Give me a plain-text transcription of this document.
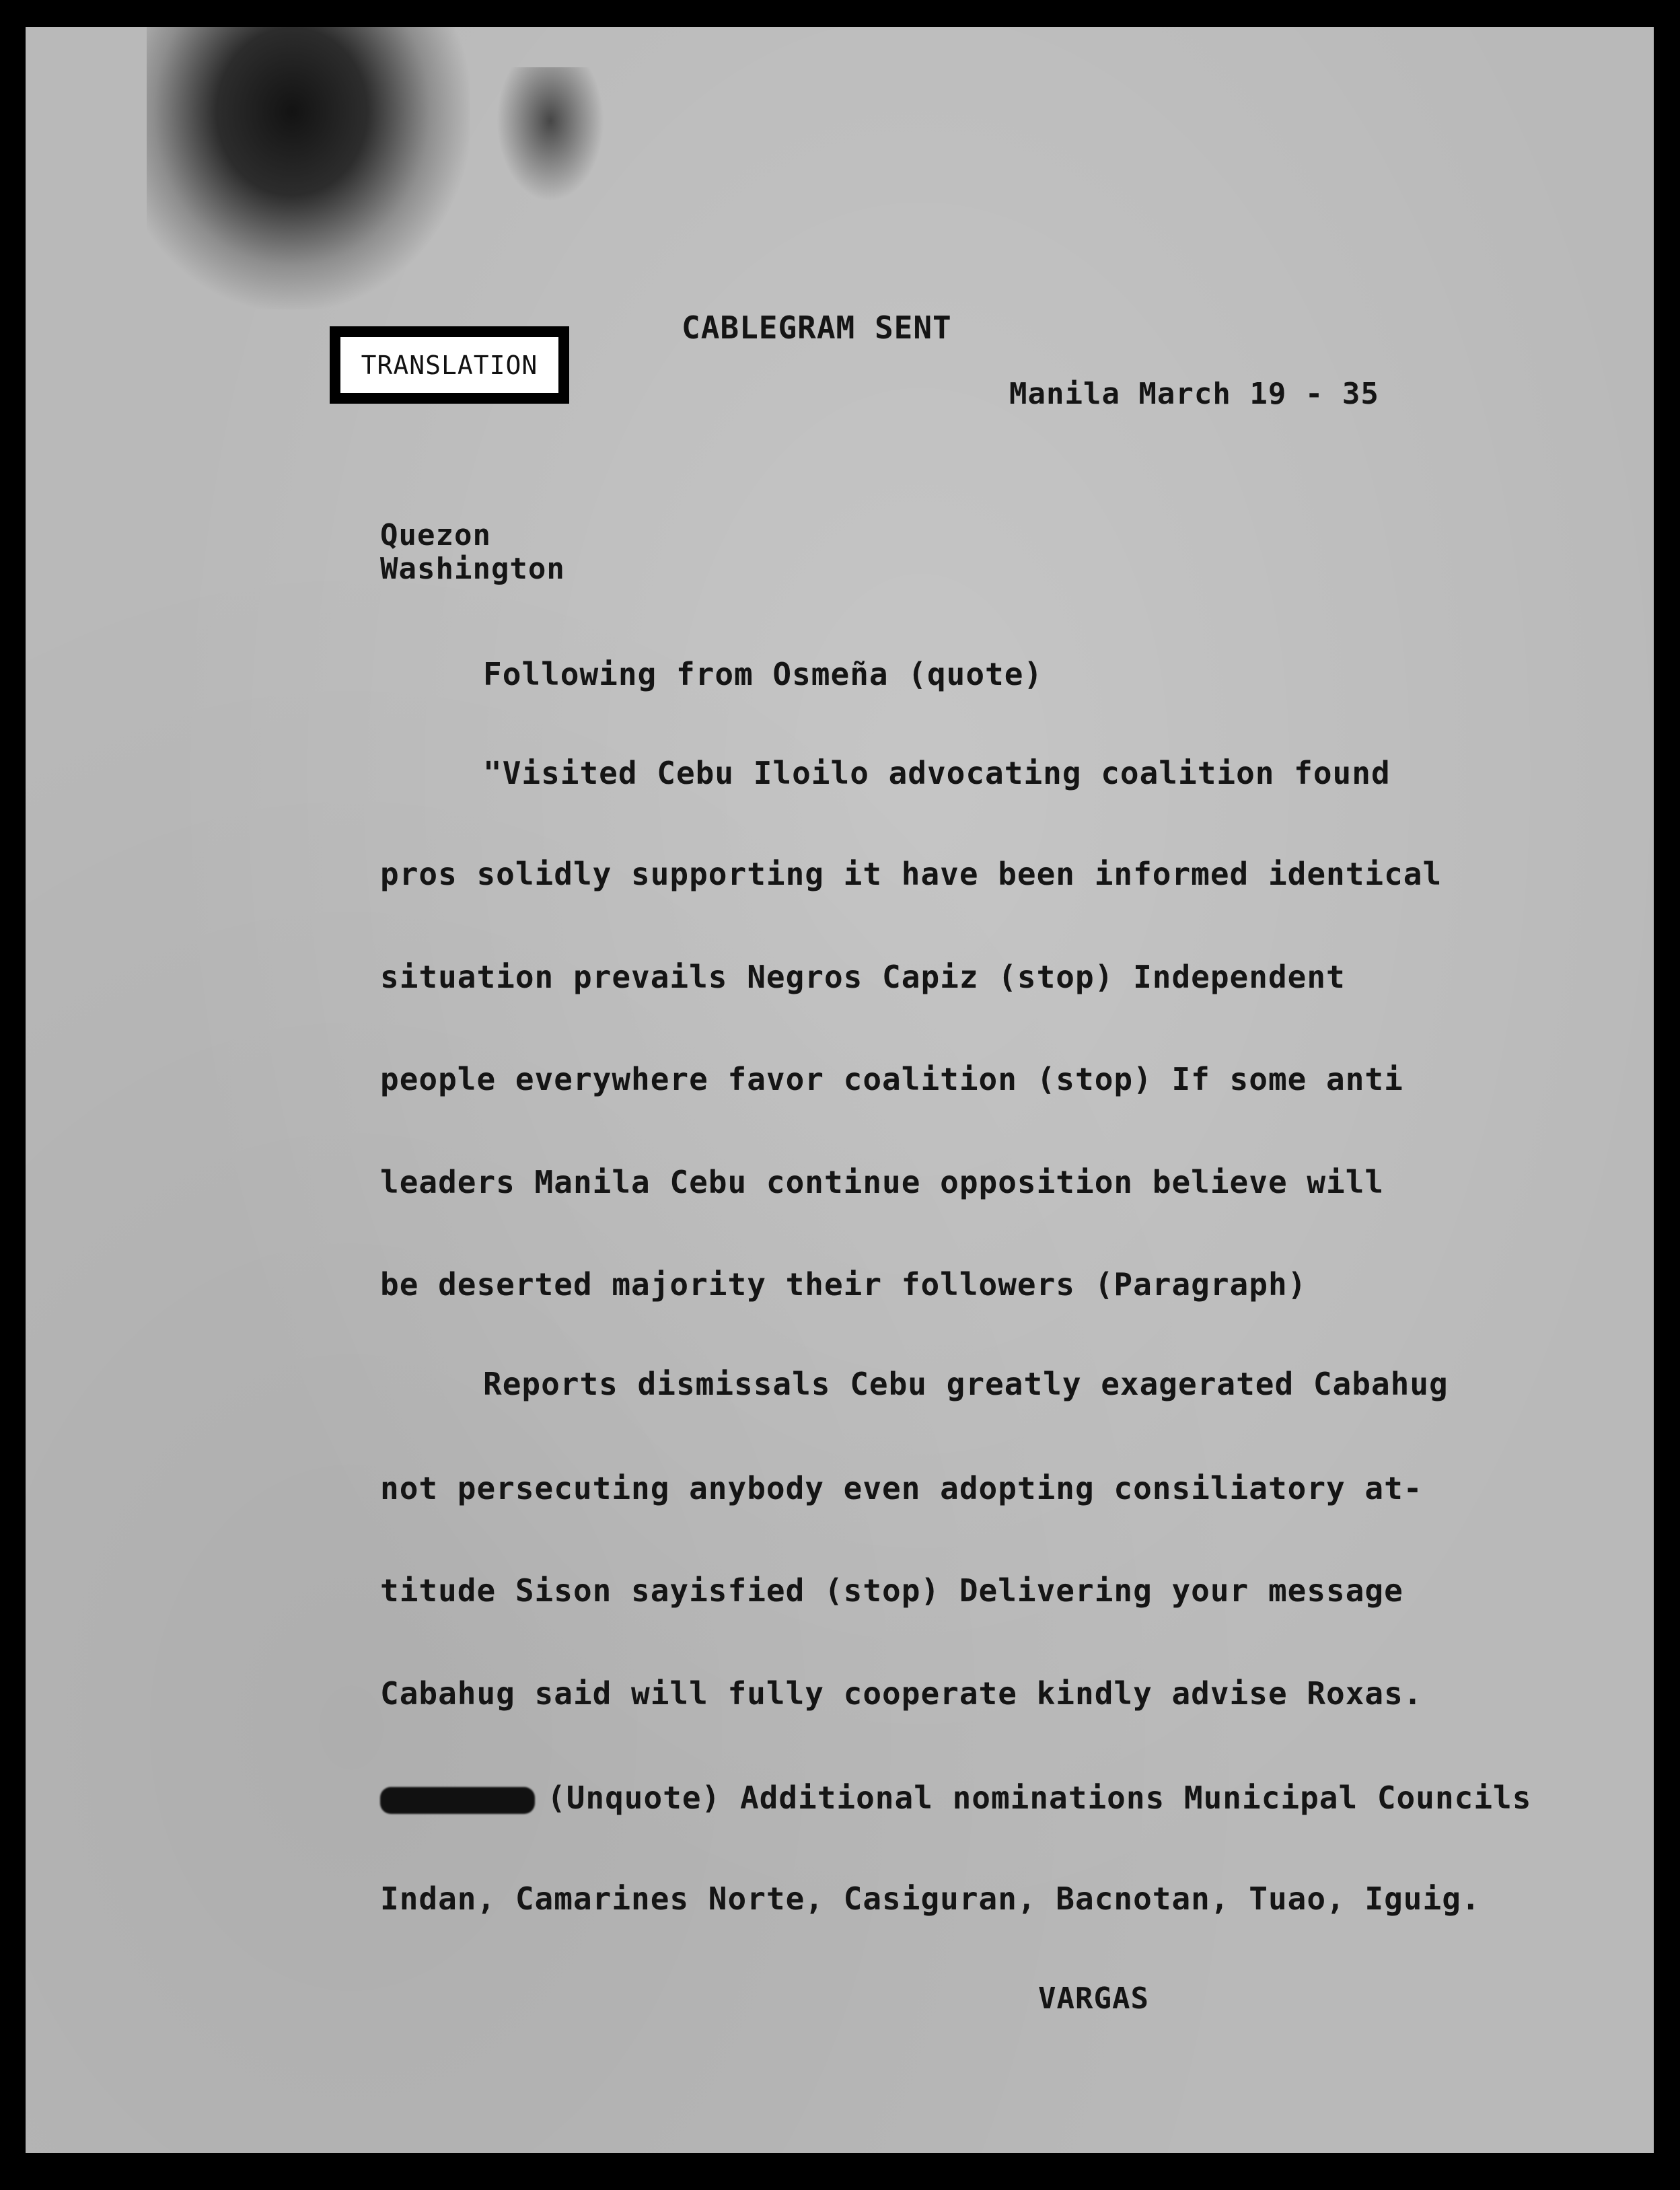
TRANSLATION
CABLEGRAM SENT
Manila March 19 - 35
Quezon
Washington
Following from Osmeña (quote)
"Visited Cebu Iloilo advocating coalition found
pros solidly supporting it have been informed identical
situation prevails Negros Capiz (stop) Independent
people everywhere favor coalition (stop) If some anti
leaders Manila Cebu continue opposition believe will
be deserted majority their followers (Paragraph)
Reports dismissals Cebu greatly exagerated Cabahug
not persecuting anybody even adopting consiliatory at-
titude Sison sayisfied (stop) Delivering your message
Cabahug said will fully cooperate kindly advise Roxas.
(Unquote) Additional nominations Municipal Councils
Indan, Camarines Norte, Casiguran, Bacnotan, Tuao, Iguig.
VARGAS
